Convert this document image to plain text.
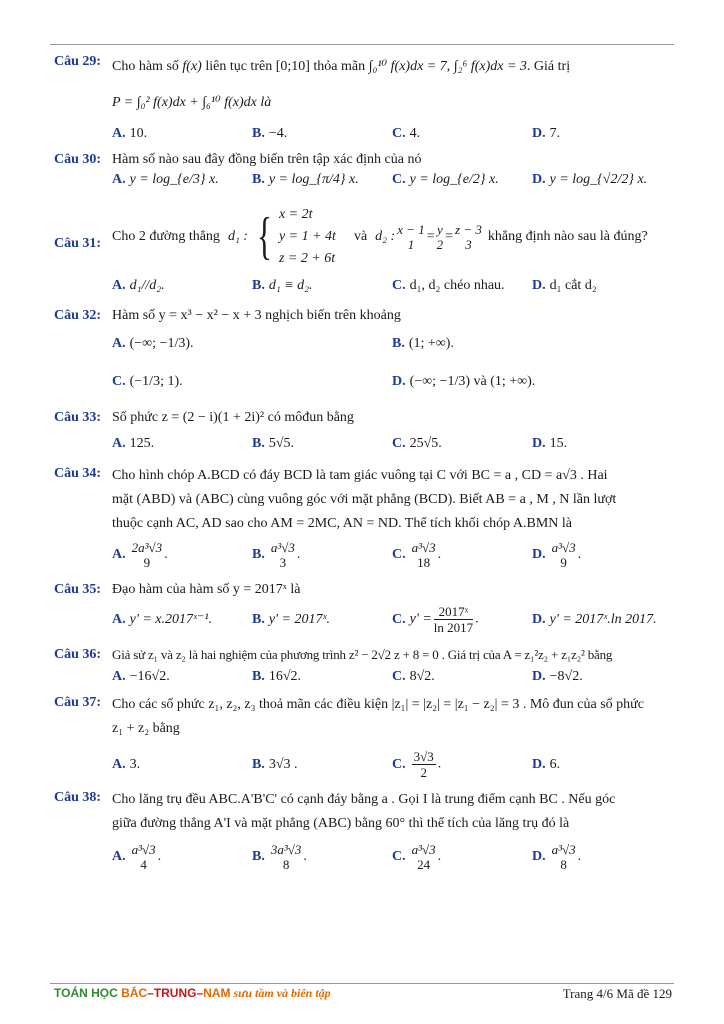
Câu 29: Cho hàm số f(x) liên tục trên [0;10] thỏa mãn ∫₀¹⁰ f(x)dx = 7, ∫₂⁶ f(x)dx = 3. Giá trị
P = ∫₀² f(x)dx + ∫₆¹⁰ f(x)dx là
A. 10.	B. −4.	C. 4.	D. 7.
Câu 30: Hàm số nào sau đây đồng biến trên tập xác định của nó
A. y = log_{e/3} x.	B. y = log_{π/4} x.	C. y = log_{e/2} x.	D. y = log_{√2/2} x.
Câu 31: Cho 2 đường thẳng d₁ : { x = 2t
y = 1 + 4t
z = 2 + 6t
và d₂ : x − 1
1
= y
2
= z − 3
3
khẳng định nào sau là đúng?
A. d₁//d₂.	B. d₁ ≡ d₂.	C. d₁, d₂ chéo nhau.	D. d₁ cắt d₂
Câu 32: Hàm số y = x³ − x² − x + 3 nghịch biến trên khoảng
A. (−∞; −1/3).	B. (1; +∞).
C. (−1/3; 1).	D. (−∞; −1/3) và (1; +∞).
Câu 33: Số phức z = (2 − i)(1 + 2i)² có môđun bằng
A. 125.	B. 5√5.	C. 25√5.	D. 15.
Câu 34: Cho hình chóp A.BCD có đáy BCD là tam giác vuông tại C với BC = a , CD = a√3 . Hai
mặt (ABD) và (ABC) cùng vuông góc với mặt phẳng (BCD). Biết AB = a , M , N lần lượt
thuộc cạnh AC, AD sao cho AM = 2MC, AN = ND. Thể tích khối chóp A.BMN là
A. 2a³√3
9
.	B. a³√3
3
.	C. a³√3
18
.	D. a³√3
9
.
Câu 35: Đạo hàm của hàm số y = 2017ˣ là
A. y' = x.2017ˣ⁻¹.	B. y' = 2017ˣ.	C. $y' = \frac{\text{2017ˣ}}{\ln 2017}$ .	D. y' = 2017ˣ.ln 2017.
Câu 36: Giả sử z₁ và z₂ là hai nghiệm của phương trình z² − 2√2 z + 8 = 0 . Giá trị của A = z₁²z₂ + z₁z₂² bằng
A. −16√2.	B. 16√2.	C. 8√2.	D. −8√2.
Câu 37: Cho các số phức z₁, z₂, z₃ thoả mãn các điều kiện |z₁| = |z₂| = |z₁ − z₂| = 3 . Mô đun của số phức
z₁ + z₂ bằng
A. 3.	B. 3√3 .	C. $\frac{3√3}{2}$ .	D. 6.
Câu 38: Cho lăng trụ đều ABC.A'B'C' có cạnh đáy bằng a . Gọi I là trung điểm cạnh BC . Nếu góc
giữa đường thẳng A'I và mặt phẳng (ABC) bằng 60° thì thể tích của lăng trụ đó là
A. a³√3
4
.	B. 3a³√3
8
.	C. a³√3
24
.	D. a³√3
8
.
TOÁN HỌC BẮC–TRUNG–NAM sưu tầm và biên tập	Trang 4/6 Mã đề 129
